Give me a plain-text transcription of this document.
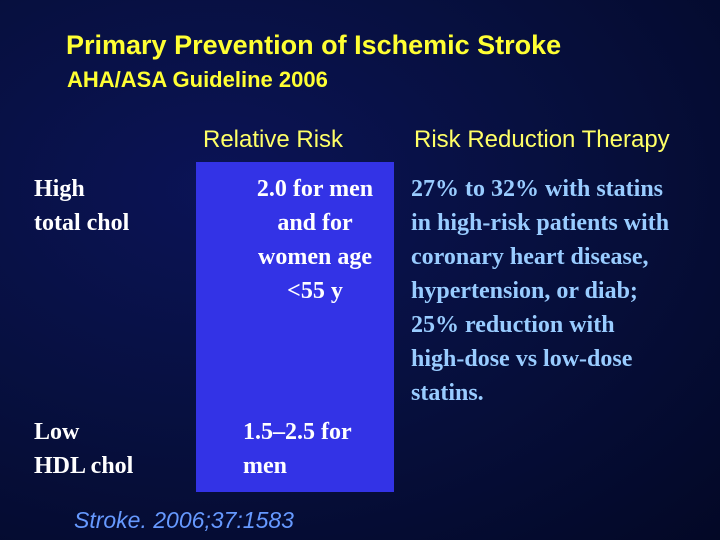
Primary Prevention of Ischemic Stroke
AHA/ASA Guideline 2006
Relative Risk	Risk Reduction Therapy
High
total chol
2.0 for men
and for
women age
<55 y
27% to 32% with statins
in high-risk patients with
coronary heart disease,
hypertension, or diab;
25% reduction with
high-dose vs low-dose
statins.
Low
HDL chol
1.5–2.5 for
men
Stroke. 2006;37:1583
